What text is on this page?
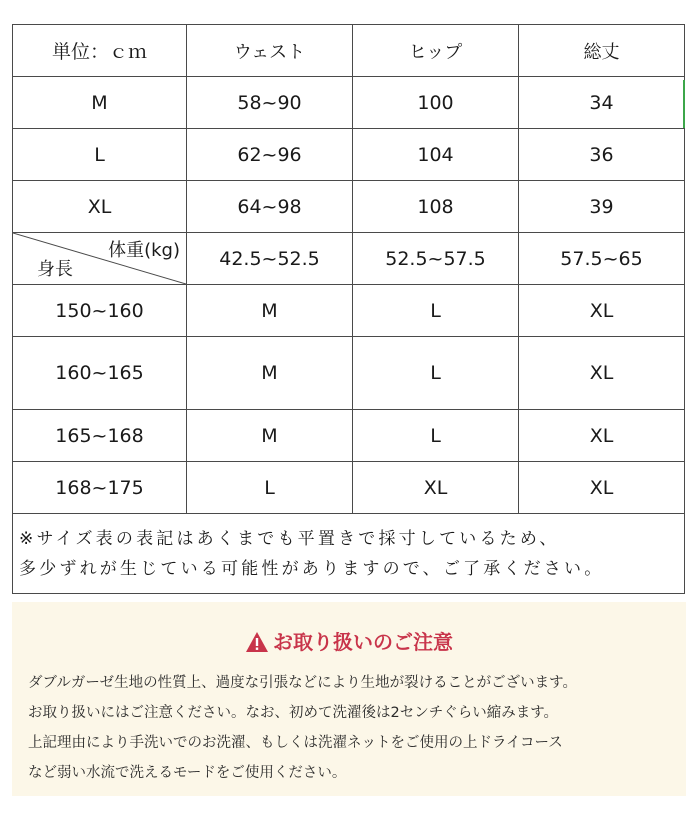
単位：ｃｍ	ウェスト	ヒップ	総丈
M	58~90	100	34
L	62~96	104	36
XL	64~98	108	39

体重(kg)
身長	42.5~52.5	52.5~57.5	57.5~65
150~160	M	L	XL
160~165	M	L	XL
165~168	M	L	XL
168~175	L	XL	XL

※サイズ表の表記はあくまでも平置きで採寸しているため、
多少ずれが生じている可能性がありますので、ご了承ください。			
お取り扱いのご注意
ダブルガーゼ生地の性質上、過度な引張などにより生地が裂けることがございます。
お取り扱いにはご注意ください。なお、初めて洗濯後は2センチぐらい縮みます。
上記理由により手洗いでのお洗濯、もしくは洗濯ネットをご使用の上ドライコース
など弱い水流で洗えるモードをご使用ください。
